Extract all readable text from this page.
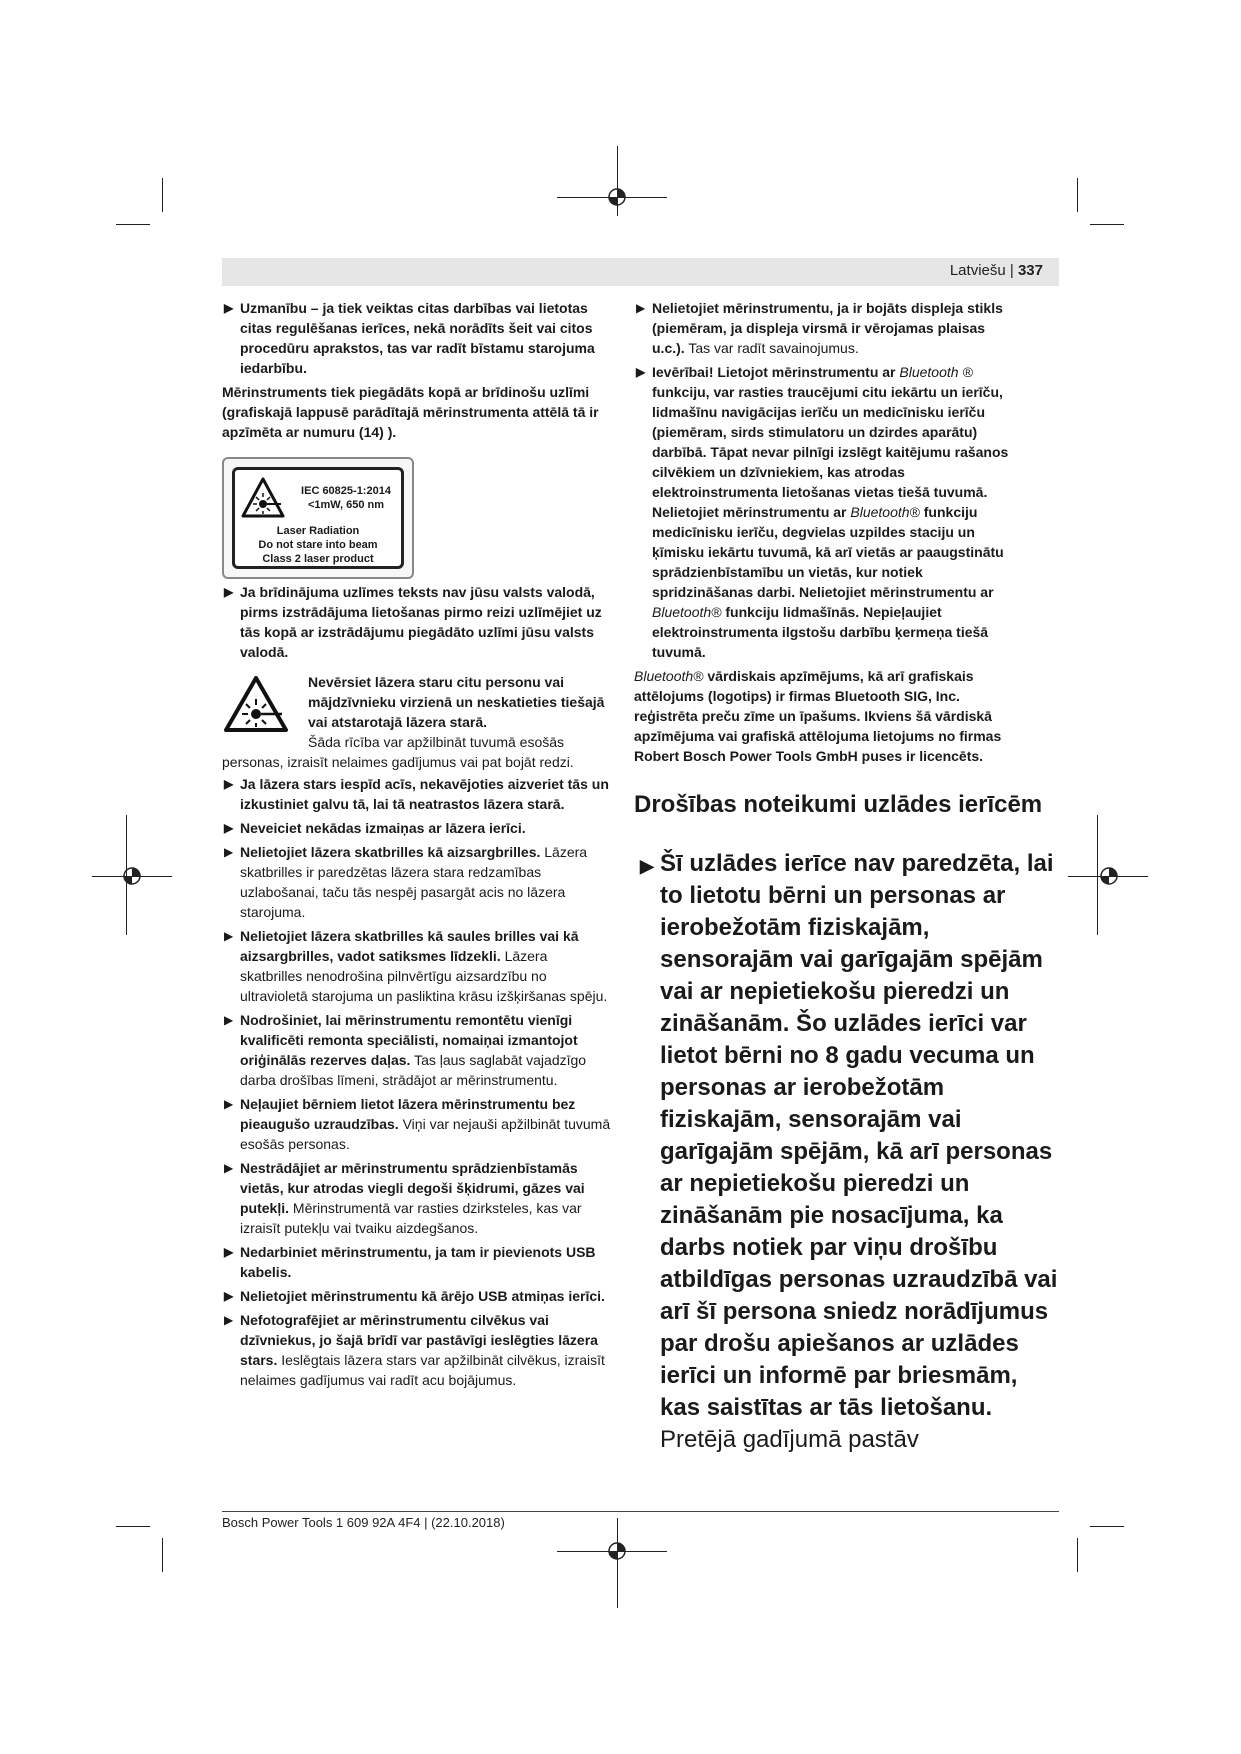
Latviešu | 337
▶ Uzmanību – ja tiek veiktas citas darbības vai lietotas citas regulēšanas ierīces, nekā norādīts šeit vai citos procedūru aprakstos, tas var radīt bīstamu starojuma iedarbību.

Mērinstruments tiek piegādāts kopā ar brīdinošu uzlīmi (grafiskajā lappusē parādītajā mērinstrumenta attēlā tā ir apzīmēta ar numuru (14) ).

IEC 60825-1:2014
<1mW, 650 nm
Laser Radiation
Do not stare into beam
Class 2 laser product
▶ Ja brīdinājuma uzlīmes teksts nav jūsu valsts valodā, pirms izstrādājuma lietošanas pirmo reizi uzlīmējiet uz tās kopā ar izstrādājumu piegādāto uzlīmi jūsu valsts valodā.
Nevērsiet lāzera staru citu personu vai mājdzīvnieku virzienā un neskatieties tiešajā vai atstarotajā lāzera starā.
Šāda rīcība var apžilbināt tuvumā esošās personas, izraisīt nelaimes gadījumus vai pat bojāt redzi.
▶ Ja lāzera stars iespīd acīs, nekavējoties aizveriet tās un izkustiniet galvu tā, lai tā neatrastos lāzera starā.
▶ Neveiciet nekādas izmaiņas ar lāzera ierīci.
▶ Nelietojiet lāzera skatbrilles kā aizsargbrilles. Lāzera skatbrilles ir paredzētas lāzera stara redzamības uzlabošanai, taču tās nespēj pasargāt acis no lāzera starojuma.
▶ Nelietojiet lāzera skatbrilles kā saules brilles vai kā aizsargbrilles, vadot satiksmes līdzekli. Lāzera skatbrilles nenodrošina pilnvērtīgu aizsardzību no ultravioletā starojuma un pasliktina krāsu izšķiršanas spēju.
▶ Nodrošiniet, lai mērinstrumentu remontētu vienīgi kvalificēti remonta speciālisti, nomaiņai izmantojot oriģinālās rezerves daļas. Tas ļaus saglabāt vajadzīgo darba drošības līmeni, strādājot ar mērinstrumentu.
▶ Neļaujiet bērniem lietot lāzera mērinstrumentu bez pieaugušo uzraudzības. Viņi var nejauši apžilbināt tuvumā esošās personas.
▶ Nestrādājiet ar mērinstrumentu sprādzienbīstamās vietās, kur atrodas viegli degoši šķidrumi, gāzes vai putekļi. Mērinstrumentā var rasties dzirksteles, kas var izraisīt putekļu vai tvaiku aizdegšanos.
▶ Nedarbiniet mērinstrumentu, ja tam ir pievienots USB kabelis.
▶ Nelietojiet mērinstrumentu kā ārējo USB atmiņas ierīci.
▶ Nefotografējiet ar mērinstrumentu cilvēkus vai dzīvniekus, jo šajā brīdī var pastāvīgi ieslēgties lāzera stars. Ieslēgtais lāzera stars var apžilbināt cilvēkus, izraisīt nelaimes gadījumus vai radīt acu bojājumus.
▶ Nelietojiet mērinstrumentu, ja ir bojāts displeja stikls (piemēram, ja displeja virsmā ir vērojamas plaisas u.c.). Tas var radīt savainojumus.
▶ Ievērībai! Lietojot mērinstrumentu ar Bluetooth ® funkciju, var rasties traucējumi citu iekārtu un ierīču, lidmašīnu navigācijas ierīču un medicīnisku ierīču (piemēram, sirds stimulatoru un dzirdes aparātu) darbībā. Tāpat nevar pilnīgi izslēgt kaitējumu rašanos cilvēkiem un dzīvniekiem, kas atrodas elektroinstrumenta lietošanas vietas tiešā tuvumā. Nelietojiet mērinstrumentu ar Bluetooth® funkciju medicīnisku ierīču, degvielas uzpildes staciju un ķīmisku iekārtu tuvumā, kā arī vietās ar paaugstinātu sprādzienbīstamību un vietās, kur notiek spridzināšanas darbi. Nelietojiet mērinstrumentu ar Bluetooth® funkciju lidmašīnās. Nepieļaujiet elektroinstrumenta ilgstošu darbību ķermeņa tiešā tuvumā.

Bluetooth® vārdiskais apzīmējums, kā arī grafiskais attēlojums (logotips) ir firmas Bluetooth SIG, Inc. reģistrēta preču zīme un īpašums. Ikviens šā vārdiskā apzīmējuma vai grafiskā attēlojuma lietojums no firmas Robert Bosch Power Tools GmbH puses ir licencēts.

Drošības noteikumi uzlādes ierīcēm
▶ Šī uzlādes ierīce nav paredzēta, lai to lietotu bērni un personas ar ierobežotām fiziskajām, sensorajām vai garīgajām spējām vai ar nepietiekošu pieredzi un zināšanām. Šo uzlādes ierīci var lietot bērni no 8 gadu vecuma un personas ar ierobežotām fiziskajām, sensorajām vai garīgajām spējām, kā arī personas ar nepietiekošu pieredzi un zināšanām pie nosacījuma, ka darbs notiek par viņu drošību atbildīgas personas uzraudzībā vai arī šī persona sniedz norādījumus par drošu apiešanos ar uzlādes ierīci un informē par briesmām, kas saistītas ar tās lietošanu. Pretējā gadījumā pastāv
Bosch Power Tools 1 609 92A 4F4 | (22.10.2018)
